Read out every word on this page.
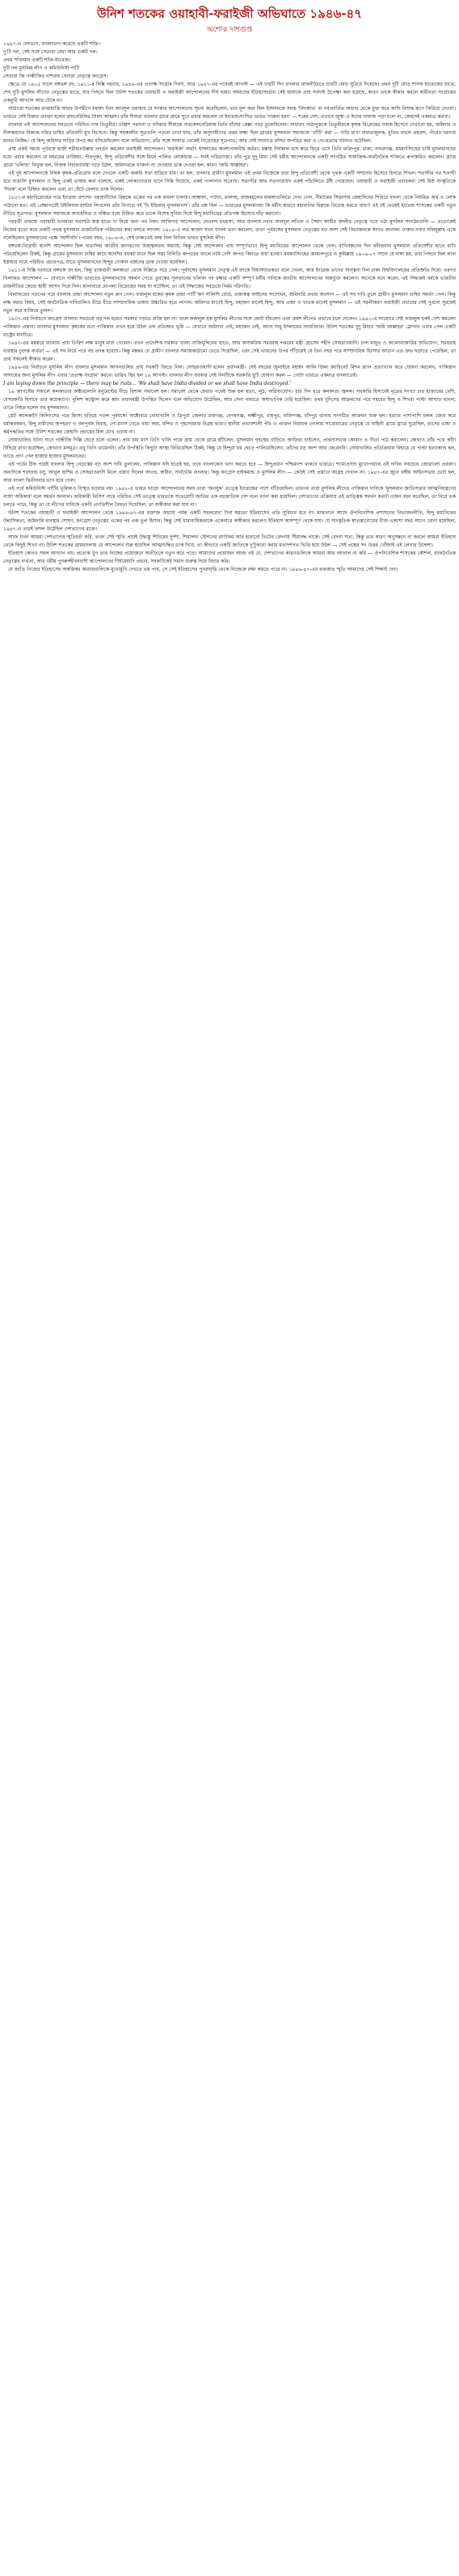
উনিশ শতকের ওয়াহাবী-ফরাইজী অভিঘাতে ১৯৪৬-৪৭
অশোক দাশগুপ্ত

১৯৪৭-এ দেশভাগ, বাংলাভাগ করেছে একটি শক্তি।

দু'টি দল, সেই সঙ্গে সেতারা বেধা আর একটি দল।

প্রথম শক্তিমান একটি শক্তি-ইংরেজ।

দুটি দল মুসলিম লীগ ও কমিউনিস্ট পার্টি

সেতারা জি গান্ধীজির বাশবায় সেনারা নেতৃত্বে কংগ্রেস।

ক্ষেত্রে যে ১৯০৫ সালে বঙ্গভঙ্গ রদ, ১৯১১-র দিল্লি দরবার, ১৯৪৬-এর প্রত্যক্ষ সংগ্রাম দিবস, আর ১৯৪৭-এর পনেরই আগস্ট — এই চারটি দিন বাংলার রাজনীতিতে চারটি মোড় ঘুরিয়ে দিয়েছে। প্রথম দুটি মোড় শাসক ইংরেজের হাতে; শেষ দুটি মুসলিম লীগের নেতৃত্বের হাতে, যার পিছনে ছিল উনিশ শতকের ওয়াহাবী ও ফরাইজী আন্দোলনের দীর্ঘ ছায়া। আমাদের ইতিহাসচর্চায় সেই ছায়াকে প্রায় সর্বদাই উপেক্ষা করা হয়েছে, কারণ তাকে স্বীকার করলে স্বাধীনতা সংগ্রামের একমুখী আখ্যান আর টেকে না।

আঠারো শতকের মাঝামাঝি আরব উপদ্বীপে মহম্মদ ইবন আবদুল ওয়াহাব যে সংস্কার আন্দোলনের সূচনা করেছিলেন, তার মূল কথা ছিল ইসলামকে সমস্ত 'বিদআত' বা নবপ্রবর্তিত আচার থেকে মুক্ত করে আদি বিশুদ্ধ রূপে ফিরিয়ে নেওয়া। ভারতে সেই চিন্তার প্রবক্তা হলেন রায়বেরিলির সৈয়দ আহমদ। তাঁর শিষ্যরা বাংলার গ্রামে গ্রামে ঘুরে প্রচার করলেন যে ইংরেজ-শাসিত ভারত 'দারুল হরব' — শত্রুর দেশ; এখানে জুম্মা ও ঈদের নামাজ পড়া চলে না, জেহাদই একমাত্র কর্তব্য।

বাংলায় এই আন্দোলনের সবচেয়ে পরিচিত নাম তিতুমীর। চব্বিশ পরগনা ও নদিয়ার সীমান্তে নারকেলবেড়িয়ায় তিনি বাঁশের কেল্লা গড়ে তুলেছিলেন। সাধারণ পাঠ্যপুস্তকে তিতুমীরকে কৃষক বিদ্রোহের নায়ক হিসেবে দেখানো হয়, জমিদার ও নীলকরদের বিরুদ্ধে দরিদ্র চাষির প্রতিবাদী মুখ হিসেবে। কিন্তু সমকালীন সূত্রগুলি পড়লে দেখা যায়, তাঁর অনুগামীদের প্রথম লক্ষ্য ছিল গ্রামের মুসলমান সমাজকে 'খাঁটি' করা — দাড়ি রাখা বাধ্যতামূলক, ধুতির বদলে তহবন্দ, পীরের দরগায় মানত নিষিদ্ধ। যে হিন্দু জমিদার দাড়ির উপর কর বসিয়েছিলেন বলে অভিযোগ, তাঁর সঙ্গে সংঘাত থেকেই বিদ্রোহের সূত্রপাত; আর সেই সংঘাতে মন্দির অপবিত্র করা ও গো-হত্যার ঘটনাও ঘটেছিল।

প্রায় একই সময়ে পূর্ববঙ্গে হাজী শরীয়তউল্লাহ প্রবর্তন করলেন ফরাইজী আন্দোলন। 'ফরাইজ' অর্থাৎ ইসলামের অবশ্যপালনীয় কর্তব্য। মক্কায় দীর্ঘকাল বাস করে ফিরে এসে তিনি ফরিদপুর, ঢাকা, বাখরগঞ্জ, ময়মনসিংহের চাষি মুসলমানদের মধ্যে প্রচার করলেন যে মহরমের তাজিয়া, পীরপূজা, হিন্দু প্রতিবেশীর সঙ্গে মিলে পালিত লোকাচার — সবই পরিত্যাজ্য। তাঁর পুত্র দুদু মিয়া সেই ধর্মীয় আন্দোলনকে একটি সংগঠিত সামাজিক-অর্থনৈতিক শক্তিতে রূপান্তরিত করলেন। গ্রামে গ্রামে 'খলিফা' নিযুক্ত হল, নিজস্ব বিচারব্যবস্থা গড়ে উঠল, জমিদারকে খাজনা না দেওয়ার ডাক দেওয়া হল, কারণ 'জমি আল্লাহর'।

এই দুই আন্দোলনকে নিছক কৃষক-প্রতিরোধ বলে দেখলে একটি জরুরি সত্য হারিয়ে যায়। তা হল, বাংলার গ্রামীণ মুসলমান এই প্রথম নিজেকে তার হিন্দু প্রতিবেশী থেকে পৃথক একটি সম্প্রদায় হিসেবে চিনতে শিখল। শতাব্দীর পর শতাব্দী ধরে বাঙালি মুসলমান ও হিন্দু একই ভাষায় কথা বলেছে, একই লোকদেবতার থানে সিন্নি দিয়েছে, একই পালাগান শুনেছে। সত্যপীর আর সত্যনারায়ণ একই পাঁচালিতে ঠাঁই পেয়েছেন। ওয়াহাবী ও ফরাইজী প্রচারকরা সেই মিশ্র সংস্কৃতিকে 'শিরক' বলে চিহ্নিত করলেন এবং তা ছেঁটে ফেলার ডাক দিলেন।

১৮৫৭-র মহাবিদ্রোহের পরে ইংরেজ প্রশাসন ওয়াহাবীদের বিরুদ্ধে একের পর এক মামলা চালায়। আম্বালা, পাটনা, মালদহ, রাজমহলের মামলাগুলিতে দেখা গেল, সীমান্তের সিত্তানায় জেহাদিদের শিবিরে বাংলা থেকে নিয়মিত অর্থ ও লোক পাঠানো হত। এই প্রেক্ষাপটেই উইলিয়াম হান্টার লিখলেন তাঁর বিখ্যাত বই 'দি ইন্ডিয়ান মুসলমানস'। তাঁর প্রশ্ন ছিল — ভারতের মুসলমানরা কি ধর্মীয় কারণে মহারানির বিরুদ্ধে বিদ্রোহ করতে বাধ্য? এই বই থেকেই ইংরেজ শাসকের একটি নতুন নীতির সূত্রপাত: মুসলমান সমাজকে অবহেলিত ও বঞ্চিত বলে চিহ্নিত করে তাকে বিশেষ সুবিধা দিয়ে হিন্দু মধ্যবিত্তের প্রতিপক্ষ হিসেবে দাঁড় করানো।

পরবর্তী প্রজন্মে ওয়াহাবী ভাবধারা সরাসরি অস্ত্র হাতে না নিয়ে অন্য পথ নিল। আলিগড় আন্দোলন, দেওবন্দ মাদ্রাসা, আর বাংলায় নবাব আবদুল লতিফ ও সৈয়দ আমীর আলীর নেতৃত্বে গড়ে ওঠা মুসলিম সংগঠনগুলি — প্রত্যেকেই নিজের মতো করে একটি পৃথক মুসলমান রাজনৈতিক পরিচয়ের কথা বলতে লাগল। ১৯০৫-এ লর্ড কার্জন যখন বাংলা ভাগ করলেন, তখন পূর্ববঙ্গের মুসলমান নেতৃত্বের বড় অংশ সেই বিভাজনকে স্বাগত জানাল। ঢাকার নবাব সলিমুল্লাহ একে বলেছিলেন মুসলমানের পক্ষে 'আশীর্বাদ'। পরের বছর, ১৯০৬-এ, সেই ঢাকাতেই জন্ম নিল নিখিল ভারত মুসলিম লীগ।

বঙ্গভঙ্গ-বিরোধী স্বদেশি আন্দোলন ছিল বাঙালির জাতীয় জাগরণের উজ্জ্বলতম অধ্যায়, কিন্তু সেই আন্দোলন প্রায় সম্পূর্ণভাবে হিন্দু মধ্যবিত্তের আন্দোলন থেকে গেল। রাখিবন্ধনের দিন রবীন্দ্রনাথ মুসলমান প্রতিবেশীর হাতে রাখি পরিয়েছিলেন ঠিকই, কিন্তু গ্রামের মুসলমান চাষির কাছে স্বদেশির বয়কট মানে ছিল সস্তা বিলিতি কাপড়ের বদলে দামি দেশি কাপড় কিনতে বাধ্য হওয়া। ময়মনসিংহের জামালপুরে ও কুমিল্লায় ১৯০৬-০৭ সালে যে দাঙ্গা হয়, তার পিছনে ছিল লাল ইস্তাহার নামে পরিচিত প্রচারপত্র, যাতে মুসলমানদের হিন্দুর দোকান বর্জনের ডাক দেওয়া হয়েছিল।

১৯১১-য় দিল্লি দরবারে বঙ্গভঙ্গ রদ হল, কিন্তু রাজধানী কলকাতা থেকে দিল্লিতে সরে গেল। পূর্ববঙ্গের মুসলমান নেতৃত্ব এই রদকে বিশ্বাসঘাতকতা বলে দেখল, আর ইংরেজ তাদের সান্ত্বনা দিল ঢাকা বিশ্ববিদ্যালয়ের প্রতিশ্রুতি দিয়ে। এরপর খিলাফত আন্দোলন — যেখানে গান্ধীজি ভারতের মুসলমানদের সমর্থন পেতে তুরস্কের সুলতানের খলিফা পদ রক্ষার একটি সম্পূর্ণ ধর্মীয় দাবিকে জাতীয় আন্দোলনের অন্তর্ভুক্ত করলেন। অনেকে মনে করেন, এই সিদ্ধান্তই ধর্মকে ভারতীয় রাজনীতির কেন্দ্রে স্থায়ী আসন দিয়ে দিল। মালাবারে মোপলা বিদ্রোহের সময় যা ঘটেছিল, তা এই সিদ্ধান্তের সবচেয়ে নির্মম পরিণতি।

খিলাফতের পতনের পরে বাংলায় প্রজা আন্দোলন নতুন রূপ পেল। ফজলুল হকের কৃষক প্রজা পার্টি ঋণ সালিশি বোর্ড, প্রজাস্বত্ব আইনের সংশোধন, জমিদারি প্রথার অবসান — এই সব দাবি তুলে গ্রামীণ মুসলমান চাষির সমর্থন পেল। কিন্তু লক্ষ করার বিষয়, সেই অর্থনৈতিক দাবিগুলিও ধীরে ধীরে সাম্প্রদায়িক ভাষায় উচ্চারিত হতে লাগল। জমিদার মানেই হিন্দু, মহাজন মানেই হিন্দু, আর প্রজা ও খাতক মানেই মুসলমান — এই সরলীকরণ ফরাইজী প্রচারের সেই পুরনো সুরকেই নতুন করে বাজিয়ে তুলল।

১৯৩৭-এর নির্বাচনে কংগ্রেস বাংলায় সবচেয়ে বড় দল হয়েও সরকার গড়তে রাজি হল না। ফলে ফজলুল হক মুসলিম লীগের সঙ্গে জোট বাঁধলেন এবং ক্রমশ লীগের প্রভাবে চলে গেলেন। ১৯৪০-এ লাহোরে সেই ফজলুল হকই পেশ করলেন পাকিস্তান প্রস্তাব। বাংলার মুসলমান কৃষকের মনে পাকিস্তান তখন হয়ে উঠল এক প্রতিশ্রুত ভূমি — যেখানে জমিদার নেই, মহাজন নেই, আছে শুধু ইসলামের ন্যায়বিচার। উনিশ শতকের দুদু মিয়ার 'জমি আল্লাহর' স্লোগান এবার পেল একটি রাষ্ট্রের মানচিত্র।

১৯৪৩-এর মন্বন্তরে বাংলায় প্রায় তিরিশ লক্ষ মানুষ মারা গেলেন। তখন প্রাদেশিক সরকার খাজা নাজিমুদ্দিনের হাতে, আর অসামরিক সরবরাহ দপ্তরের মন্ত্রী হোসেন শহীদ সোহরাওয়ার্দি। চাল মজুত ও কালোবাজারির অভিযোগ, সরবরাহ ব্যবস্থার চূড়ান্ত ব্যর্থতা — এই সব নিয়ে পরে বহু তদন্ত হয়েছে। কিন্তু মন্বন্তর যে গ্রামীণ বাংলার সমাজকাঠামো ভেঙে দিয়েছিল, এবং সেই ভাঙনের উপর দাঁড়িয়েই যে তিন বছর পরে সাম্প্রদায়িক হিংসার আগুন এত দ্রুত ছড়াতে পেরেছিল, তা প্রায় সকলেই স্বীকার করেন।

১৯৪৬-এর নির্বাচনে মুসলিম লীগ বাংলার মুসলমান আসনগুলির প্রায় সবকটি জিতে নিল। সোহরাওয়ার্দি হলেন প্রধানমন্ত্রী। সেই বছরের জুলাইয়ে মহম্মদ আলি জিন্না ক্যাবিনেট মিশন প্ল্যান প্রত্যাখ্যান করে ঘোষণা করলেন, পাকিস্তান আদায়ের জন্য মুসলিম লীগ এবার 'প্রত্যক্ষ সংগ্রাম' করবে। তারিখ স্থির হল ১৬ আগস্ট। বাংলার লীগ সরকার সেই দিনটিকে সরকারি ছুটি ঘোষণা করল — গোটা ভারতে একমাত্র বাংলাতেই।

I am laying down the principle — there may be riots... 'We shall have India divided or we shall have India destroyed.'

১৬ আগস্টের সকালে কলকাতার অক্টারলোনি মনুমেন্টের নীচে বিশাল সমাবেশ হল। সমাবেশ থেকে ফেরার পথেই শুরু হল হত্যা, লুঠ, অগ্নিসংযোগ। চার দিন ধরে কলকাতা জ্বলল। সরকারি হিসাবেই মৃতের সংখ্যা চার হাজারের বেশি, বেসরকারি হিসাবে তার কয়েকগুণ। পুলিশ কন্ট্রোল রুমে স্বয়ং প্রধানমন্ত্রী উপস্থিত ছিলেন বলে অভিযোগ উঠেছিল, আর সেনা নামাতে অস্বাভাবিক দেরি হয়েছিল। প্রথম দুদিনের আক্রমণের পরে শহরের হিন্দু ও শিখরা পাল্টা আঘাত হানল; তাতে নিহত হলেন বহু মুসলমানও।

গ্রেট ক্যালকাটা কিলিংসের পরে হিংসা ছড়িয়ে পড়ল পূর্ববঙ্গে। অক্টোবরে নোয়াখালি ও ত্রিপুরা জেলার রামগঞ্জ, বেগমগঞ্জ, লক্ষ্মীপুর, রায়পুর, ফরিদগঞ্জ, চাঁদপুর থানায় সংগঠিত আক্রমণ শুরু হল। হত্যার পাশাপাশি চলল জোর করে ধর্মান্তরকরণ, হিন্দু নারীদের অপহরণ ও বলপূর্বক বিবাহ, গো-মাংস খেতে বাধ্য করা, মন্দির ও গৃহদেবতার বিগ্রহ ভাঙা। স্থানীয় প্রভাবশালী পীর ও প্রাক্তন বিধায়ক গোলাম সারোয়ারের নেতৃত্বে যে বাহিনী গ্রামে গ্রামে ঘুরেছিল, তাদের ভাষা ও কর্মপদ্ধতির সঙ্গে উনিশ শতকের জেহাদি প্রচারের মিল চোখ এড়ায় না।

নোয়াখালির ঘটনা শুনে গান্ধীজি দিল্লি ছেড়ে চলে এলেন। প্রায় চার মাস তিনি খালি পায়ে গ্রাম থেকে গ্রামে হাঁটলেন, মুসলমান গৃহস্থের বাড়িতে আতিথ্য চাইলেন, প্রার্থনাসভায় কোরান ও গীতা পাঠ করালেন। কোথাও তাঁর পথে কাঁটা বিছিয়ে রাখা হয়েছিল, কোথাও মলমূত্র। তবু তিনি থামেননি। তাঁর উপস্থিতি কিছুটা আস্থা ফিরিয়েছিল ঠিকই, কিন্তু যে হিন্দুরা ঘর ছেড়ে পালিয়েছিলেন, তাঁদের বড় অংশ আর ফেরেননি। নোয়াখালির প্রতিক্রিয়ায় বিহারে যে পাল্টা হত্যাকাণ্ড হল, তাতে প্রাণ গেল হাজার হাজার মুসলমানের।

এই পর্বের ঠিক পরেই বাংলার হিন্দু নেতৃত্বের বড় অংশ দাবি তুললেন, পাকিস্তান যদি হতেই হয়, তবে বাংলাকেও ভাগ করতে হবে — হিন্দুপ্রধান পশ্চিমাংশ থাকবে ভারতে। শ্যামাপ্রসাদ মুখোপাধ্যায় এই দাবির সবচেয়ে জোরালো প্রবক্তা। অন্যদিকে শরৎচন্দ্র বসু, আবুল হাশিম ও সোহরাওয়ার্দি মিলে প্রস্তাব দিলেন অখণ্ড, স্বাধীন, সার্বভৌম বাংলার। কিন্তু কংগ্রেস হাইকমান্ড ও মুসলিম লীগ — কেউই সেই প্রস্তাবে আগ্রহ দেখাল না। ১৯৪৭-এর জুনে বঙ্গীয় আইনসভায় ভোট হল, আর বাংলা দ্বিতীয়বার ভাগ হয়ে গেল।

এই পর্বে কমিউনিস্ট পার্টির ভূমিকাও বিস্মৃত হওয়ার নয়। ১৯৪২-এ ভারত ছাড়ো আন্দোলনের সময় তারা 'জনযুদ্ধ' তত্ত্বে ইংরেজের পাশে দাঁড়িয়েছিল। তারপর তারা মুসলিম লীগের পাকিস্তান দাবিকে 'মুসলমান জাতিসত্তার আত্মনিয়ন্ত্রণের ন্যায্য অধিকার' বলে সমর্থন জানাল। অধিকারী থিসিস নামে পরিচিত সেই তত্ত্বে ভারতকে সতেরোটি জাতির এক বহুজাতিক দেশ বলে বর্ণনা করা হয়েছিল। দেশভাগের প্রক্রিয়ায় এই তাত্ত্বিক সমর্থন কতটা ওজন বহন করেছিল, তা নিয়ে তর্ক চলতে পারে, কিন্তু তা যে লীগের দাবিকে একটি প্রগতিশীল বৈধতা দিয়েছিল, তা অস্বীকার করা যায় না।

উনিশ শতকের ওয়াহাবী ও ফরাইজী আন্দোলন থেকে ১৯৪৬-৪৭-এর রক্তাক্ত অধ্যায় পর্যন্ত একটি সরলরেখা টানা হয়তো ইতিহাসের প্রতি সুবিচার হবে না। মাঝখানে আছে ঔপনিবেশিক প্রশাসনের বিভাজননীতি, হিন্দু মধ্যবিত্তের উন্নাসিকতা, জমিদারি ব্যবস্থার শোষণ, কংগ্রেস নেতৃত্বের একের পর এক ভুল হিসাব। কিন্তু সেই ধারাবাহিকতাকে একেবারে অস্বীকার করলেও ইতিহাস অসম্পূর্ণ থেকে যায়। যে সাংস্কৃতিক স্বাতন্ত্র্যবোধের বীজ একশো বছর আগে বোনা হয়েছিল, ১৯৪৭-এ তারই ফসল উঠেছিল দেশভাগের রক্তে।

আজ যখন আমরা দেশভাগের স্মৃতিচর্চা করি, তখন সেই স্মৃতি প্রায়ই উদ্বাস্তু শিবিরের দুর্দশা, শিয়ালদা স্টেশনের প্ল্যাটফর্ম আর হারানো ভিটের বেদনায় সীমাবদ্ধ থাকে। সেই বেদনা সত্য, কিন্তু তার কারণ অনুসন্ধান না করলে আমরা ইতিহাস থেকে কিছুই শিখব না। উনিশ শতকের গ্রামবাংলায় যে আন্দোলন শুরু হয়েছিল আত্মশুদ্ধির ডাক দিয়ে, তা কীভাবে একটি জাতিকে দু'টুকরো করার মতাদর্শগত ভিত্তি হয়ে উঠল — সেই প্রশ্নের সৎ উত্তর খোঁজাই এই লেখার উদ্দেশ্য।

ইতিহাস কোনও সরল আখ্যান নয়। প্রত্যেক যুগ তার নিজের প্রয়োজনে অতীতকে নতুন করে পড়ে। আমাদের প্রয়োজন আজ এই যে, দেশভাগের কারণগুলিকে আমরা আর আড়াল না করি — ঔপনিবেশিক শাসকের কৌশল, রাজনৈতিক নেতৃত্বের ব্যর্থতা, আর ধর্মীয় পুনরুজ্জীবনবাদী আন্দোলনের দীর্ঘমেয়াদি প্রভাব, সবকটিকেই সমান গুরুত্ব দিয়ে বিচার করি।

যে জাতি নিজের ইতিহাসের অস্বস্তিকর অধ্যায়গুলিকে মুখোমুখি দেখতে ভয় পায়, সে সেই ইতিহাসের পুনরাবৃত্তি থেকে নিজেকে রক্ষা করতে পারে না। ১৯৪৬-৪৭-এর রক্তস্নাত স্মৃতি আমাদের সেই শিক্ষাই দেয়।
